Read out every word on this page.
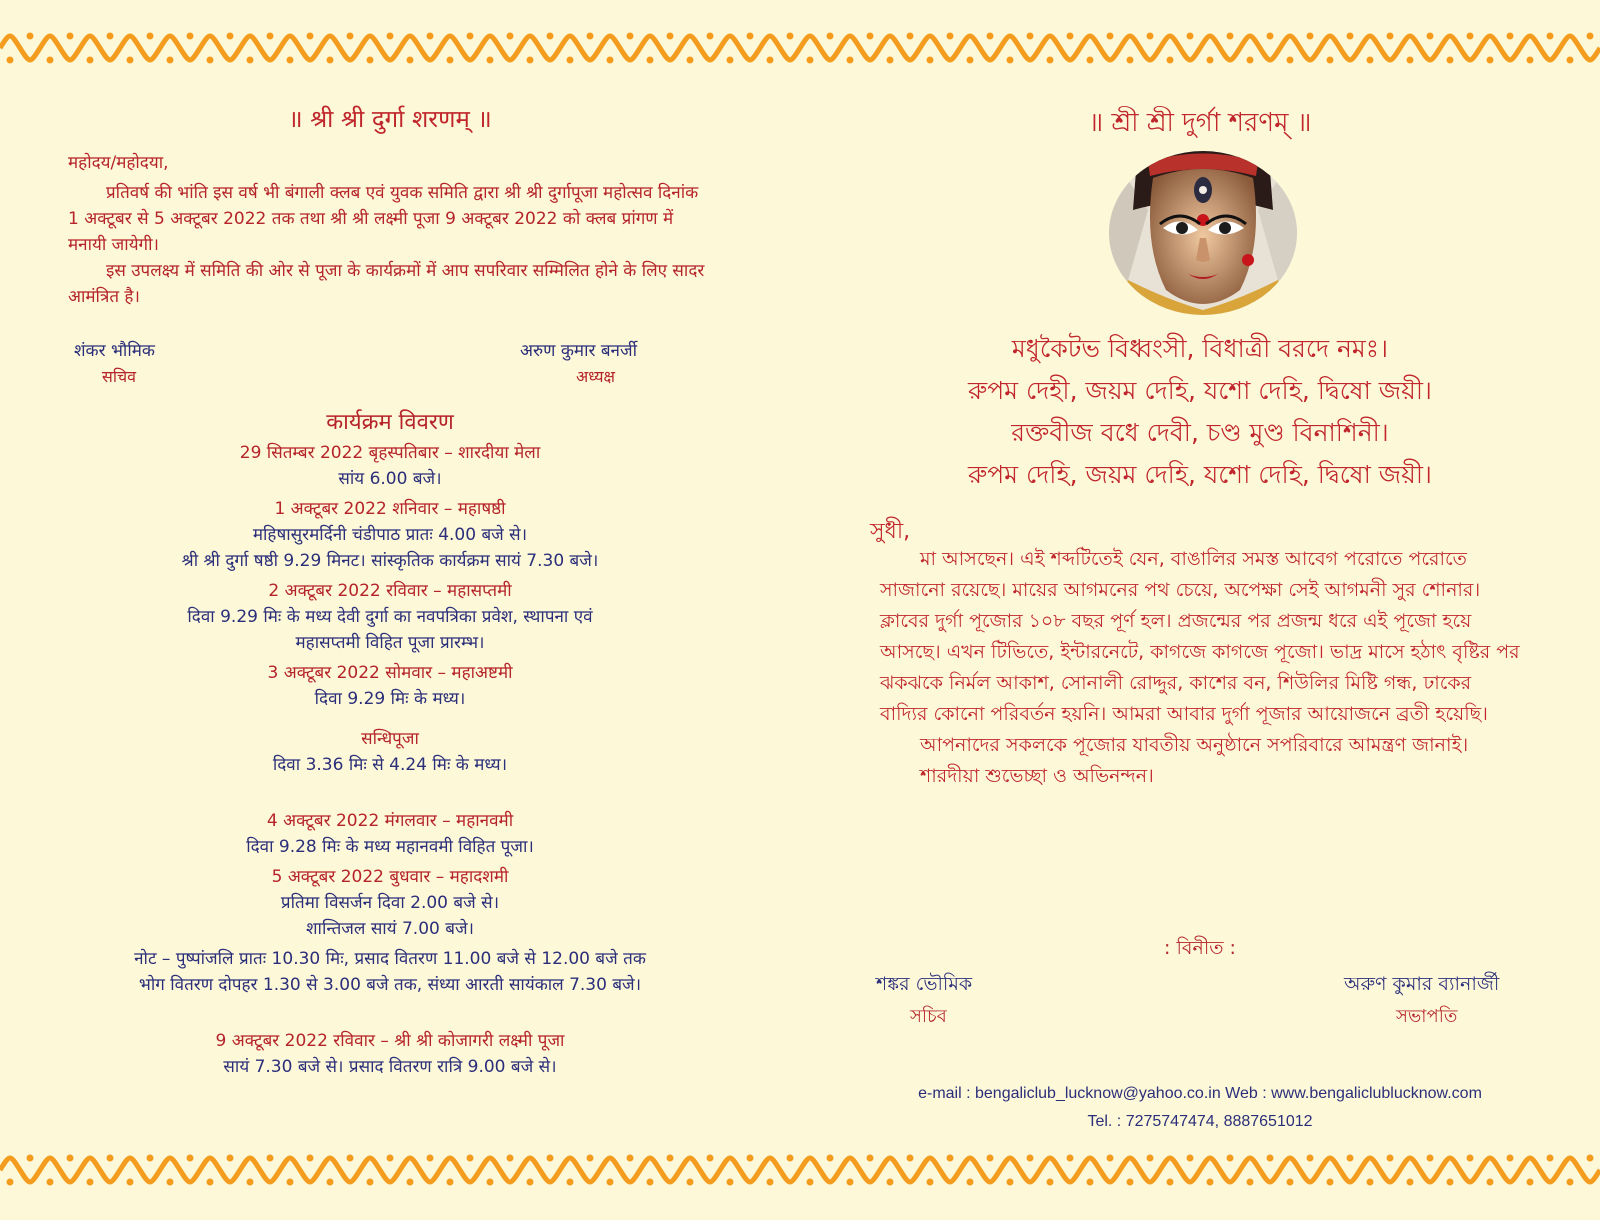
॥ श्री श्री दुर्गा शरणम् ॥
महोदय/महोदया,

प्रतिवर्ष की भांति इस वर्ष भी बंगाली क्लब एवं युवक समिति द्वारा श्री श्री दुर्गापूजा महोत्सव दिनांक 1 अक्टूबर से 5 अक्टूबर 2022 तक तथा श्री श्री लक्ष्मी पूजा 9 अक्टूबर 2022 को क्लब प्रांगण में मनायी जायेगी।

इस उपलक्ष्य में समिति की ओर से पूजा के कार्यक्रमों में आप सपरिवार सम्मिलित होने के लिए सादर आमंत्रित है।

शंकर भौमिक
सचिव
अरुण कुमार बनर्जी
अध्यक्ष
कार्यक्रम विवरण
29 सितम्बर 2022 बृहस्पतिबार – शारदीया मेला
सांय 6.00 बजे।
1 अक्टूबर 2022 शनिवार – महाषष्ठी
महिषासुरमर्दिनी चंडीपाठ प्रातः 4.00 बजे से।
श्री श्री दुर्गा षष्ठी 9.29 मिनट। सांस्कृतिक कार्यक्रम सायं 7.30 बजे।
2 अक्टूबर 2022 रविवार – महासप्तमी
दिवा 9.29 मिः के मध्य देवी दुर्गा का नवपत्रिका प्रवेश, स्थापना एवं
महासप्तमी विहित पूजा प्रारम्भ।
3 अक्टूबर 2022 सोमवार – महाअष्टमी
दिवा 9.29 मिः के मध्य।
सन्धिपूजा
दिवा 3.36 मिः से 4.24 मिः के मध्य।
4 अक्टूबर 2022 मंगलवार – महानवमी
दिवा 9.28 मिः के मध्य महानवमी विहित पूजा।
5 अक्टूबर 2022 बुधवार – महादशमी
प्रतिमा विसर्जन दिवा 2.00 बजे से।
शान्तिजल सायं 7.00 बजे।
नोट – पुष्पांजलि प्रातः 10.30 मिः, प्रसाद वितरण 11.00 बजे से 12.00 बजे तक
भोग वितरण दोपहर 1.30 से 3.00 बजे तक, संध्या आरती सायंकाल 7.30 बजे।
9 अक्टूबर 2022 रविवार – श्री श्री कोजागरी लक्ष्मी पूजा
सायं 7.30 बजे से। प्रसाद वितरण रात्रि 9.00 बजे से।
॥ শ্রী শ্রী দুর্গা শরণম্ ॥
মধুকৈটভ বিধ্বংসী, বিধাত্রী বরদে নমঃ।
রুপম দেহী, জয়ম দেহি, যশো দেহি, দ্বিষো জয়ী।
রক্তবীজ বধে দেবী, চণ্ড মুণ্ড বিনাশিনী।
রুপম দেহি, জয়ম দেহি, যশো দেহি, দ্বিষো জয়ী।
সুধী,

মা আসছেন। এই শব্দটিতেই যেন, বাঙালির সমস্ত আবেগ পরোতে পরোতে সাজানো রয়েছে। মায়ের আগমনের পথ চেয়ে, অপেক্ষা সেই আগমনী সুর শোনার। ক্লাবের দুর্গা পূজোর ১০৮ বছর পূর্ণ হল। প্রজন্মের পর প্রজন্ম ধরে এই পূজো হয়ে আসছে। এখন টিভিতে, ইন্টারনেটে, কাগজে কাগজে পূজো। ভাদ্র মাসে হঠাৎ বৃষ্টির পর ঝকঝকে নির্মল আকাশ, সোনালী রোদ্দুর, কাশের বন, শিউলির মিষ্টি গন্ধ, ঢাকের বাদ্যির কোনো পরিবর্তন হয়নি। আমরা আবার দুর্গা পূজার আয়োজনে ব্রতী হয়েছি।

আপনাদের সকলকে পূজোর যাবতীয় অনুষ্ঠানে সপরিবারে আমন্ত্রণ জানাই।

শারদীয়া শুভেচ্ছা ও অভিনন্দন।

: বিনীত :
শঙ্কর ভৌমিক
সচিব
অরুণ কুমার ব্যানার্জী
সভাপতি
e-mail : bengaliclub_lucknow@yahoo.co.in Web : www.bengaliclublucknow.com
Tel. : 7275747474, 8887651012
